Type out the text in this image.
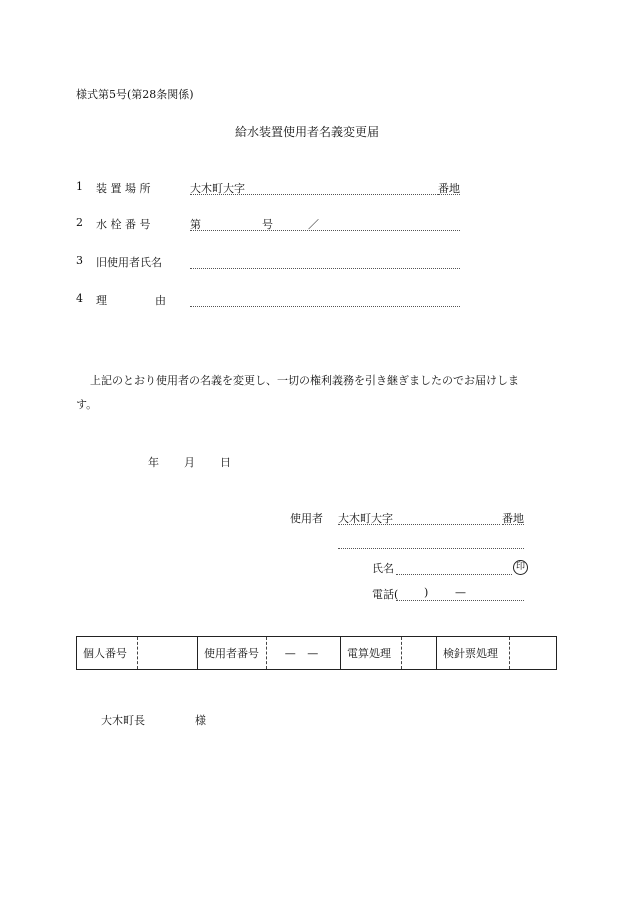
様式第5号(第28条関係)
給水装置使用者名義変更届
1 装 置 場 所	大木町大字	番地
2 水 栓 番 号	第	号	／
3 旧使用者氏名
4 理	由
上記のとおり使用者の名義を変更し、一切の権利義務を引き継ぎましたのでお届けしま
す。
年 月 日
使用者 大木町大字	番地
氏名	印
電話( ) —
個人番号		使用者番号	— —	電算処理		検針票処理	
大木町長	様
